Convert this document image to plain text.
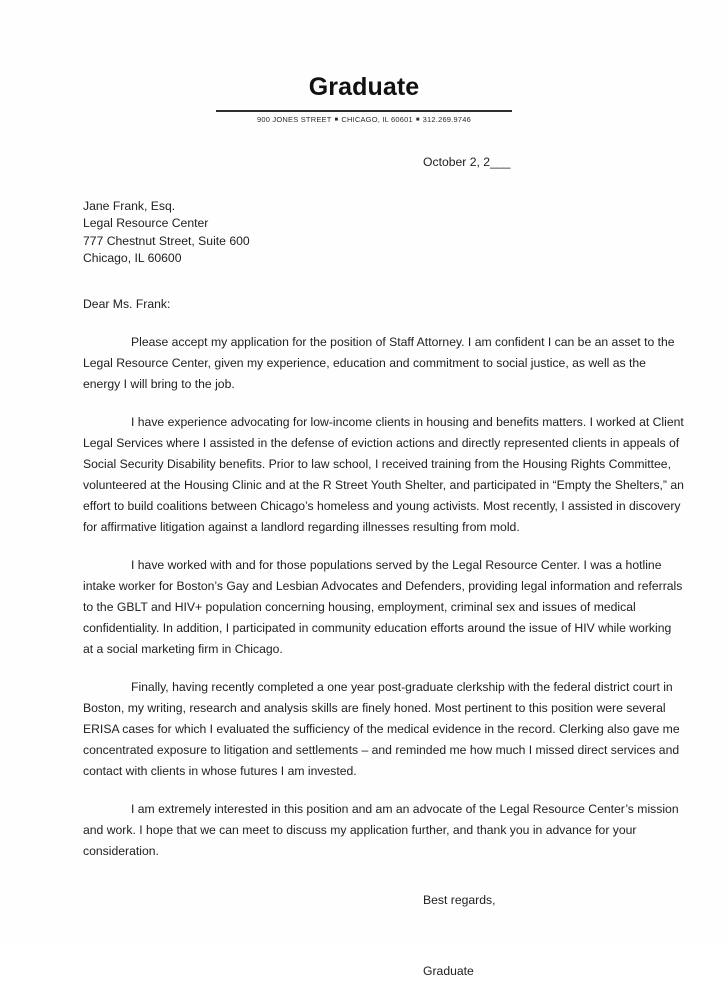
Graduate
900 JONES STREET ■ CHICAGO, IL 60601 ■ 312.269.9746
October 2, 2___
Jane Frank, Esq.
Legal Resource Center
777 Chestnut Street, Suite 600
Chicago, IL 60600
Dear Ms. Frank:

Please accept my application for the position of Staff Attorney. I am confident I can be an asset to the Legal Resource Center, given my experience, education and commitment to social justice, as well as the energy I will bring to the job.

I have experience advocating for low-income clients in housing and benefits matters. I worked at Client Legal Services where I assisted in the defense of eviction actions and directly represented clients in appeals of Social Security Disability benefits. Prior to law school, I received training from the Housing Rights Committee, volunteered at the Housing Clinic and at the R Street Youth Shelter, and participated in “Empty the Shelters,” an effort to build coalitions between Chicago’s homeless and young activists. Most recently, I assisted in discovery for affirmative litigation against a landlord regarding illnesses resulting from mold.

I have worked with and for those populations served by the Legal Resource Center. I was a hotline intake worker for Boston’s Gay and Lesbian Advocates and Defenders, providing legal information and referrals to the GBLT and HIV+ population concerning housing, employment, criminal sex and issues of medical confidentiality. In addition, I participated in community education efforts around the issue of HIV while working at a social marketing firm in Chicago.

Finally, having recently completed a one year post-graduate clerkship with the federal district court in Boston, my writing, research and analysis skills are finely honed. Most pertinent to this position were several ERISA cases for which I evaluated the sufficiency of the medical evidence in the record. Clerking also gave me concentrated exposure to litigation and settlements – and reminded me how much I missed direct services and contact with clients in whose futures I am invested.

I am extremely interested in this position and am an advocate of the Legal Resource Center’s mission and work. I hope that we can meet to discuss my application further, and thank you in advance for your consideration.

Best regards,
Graduate
